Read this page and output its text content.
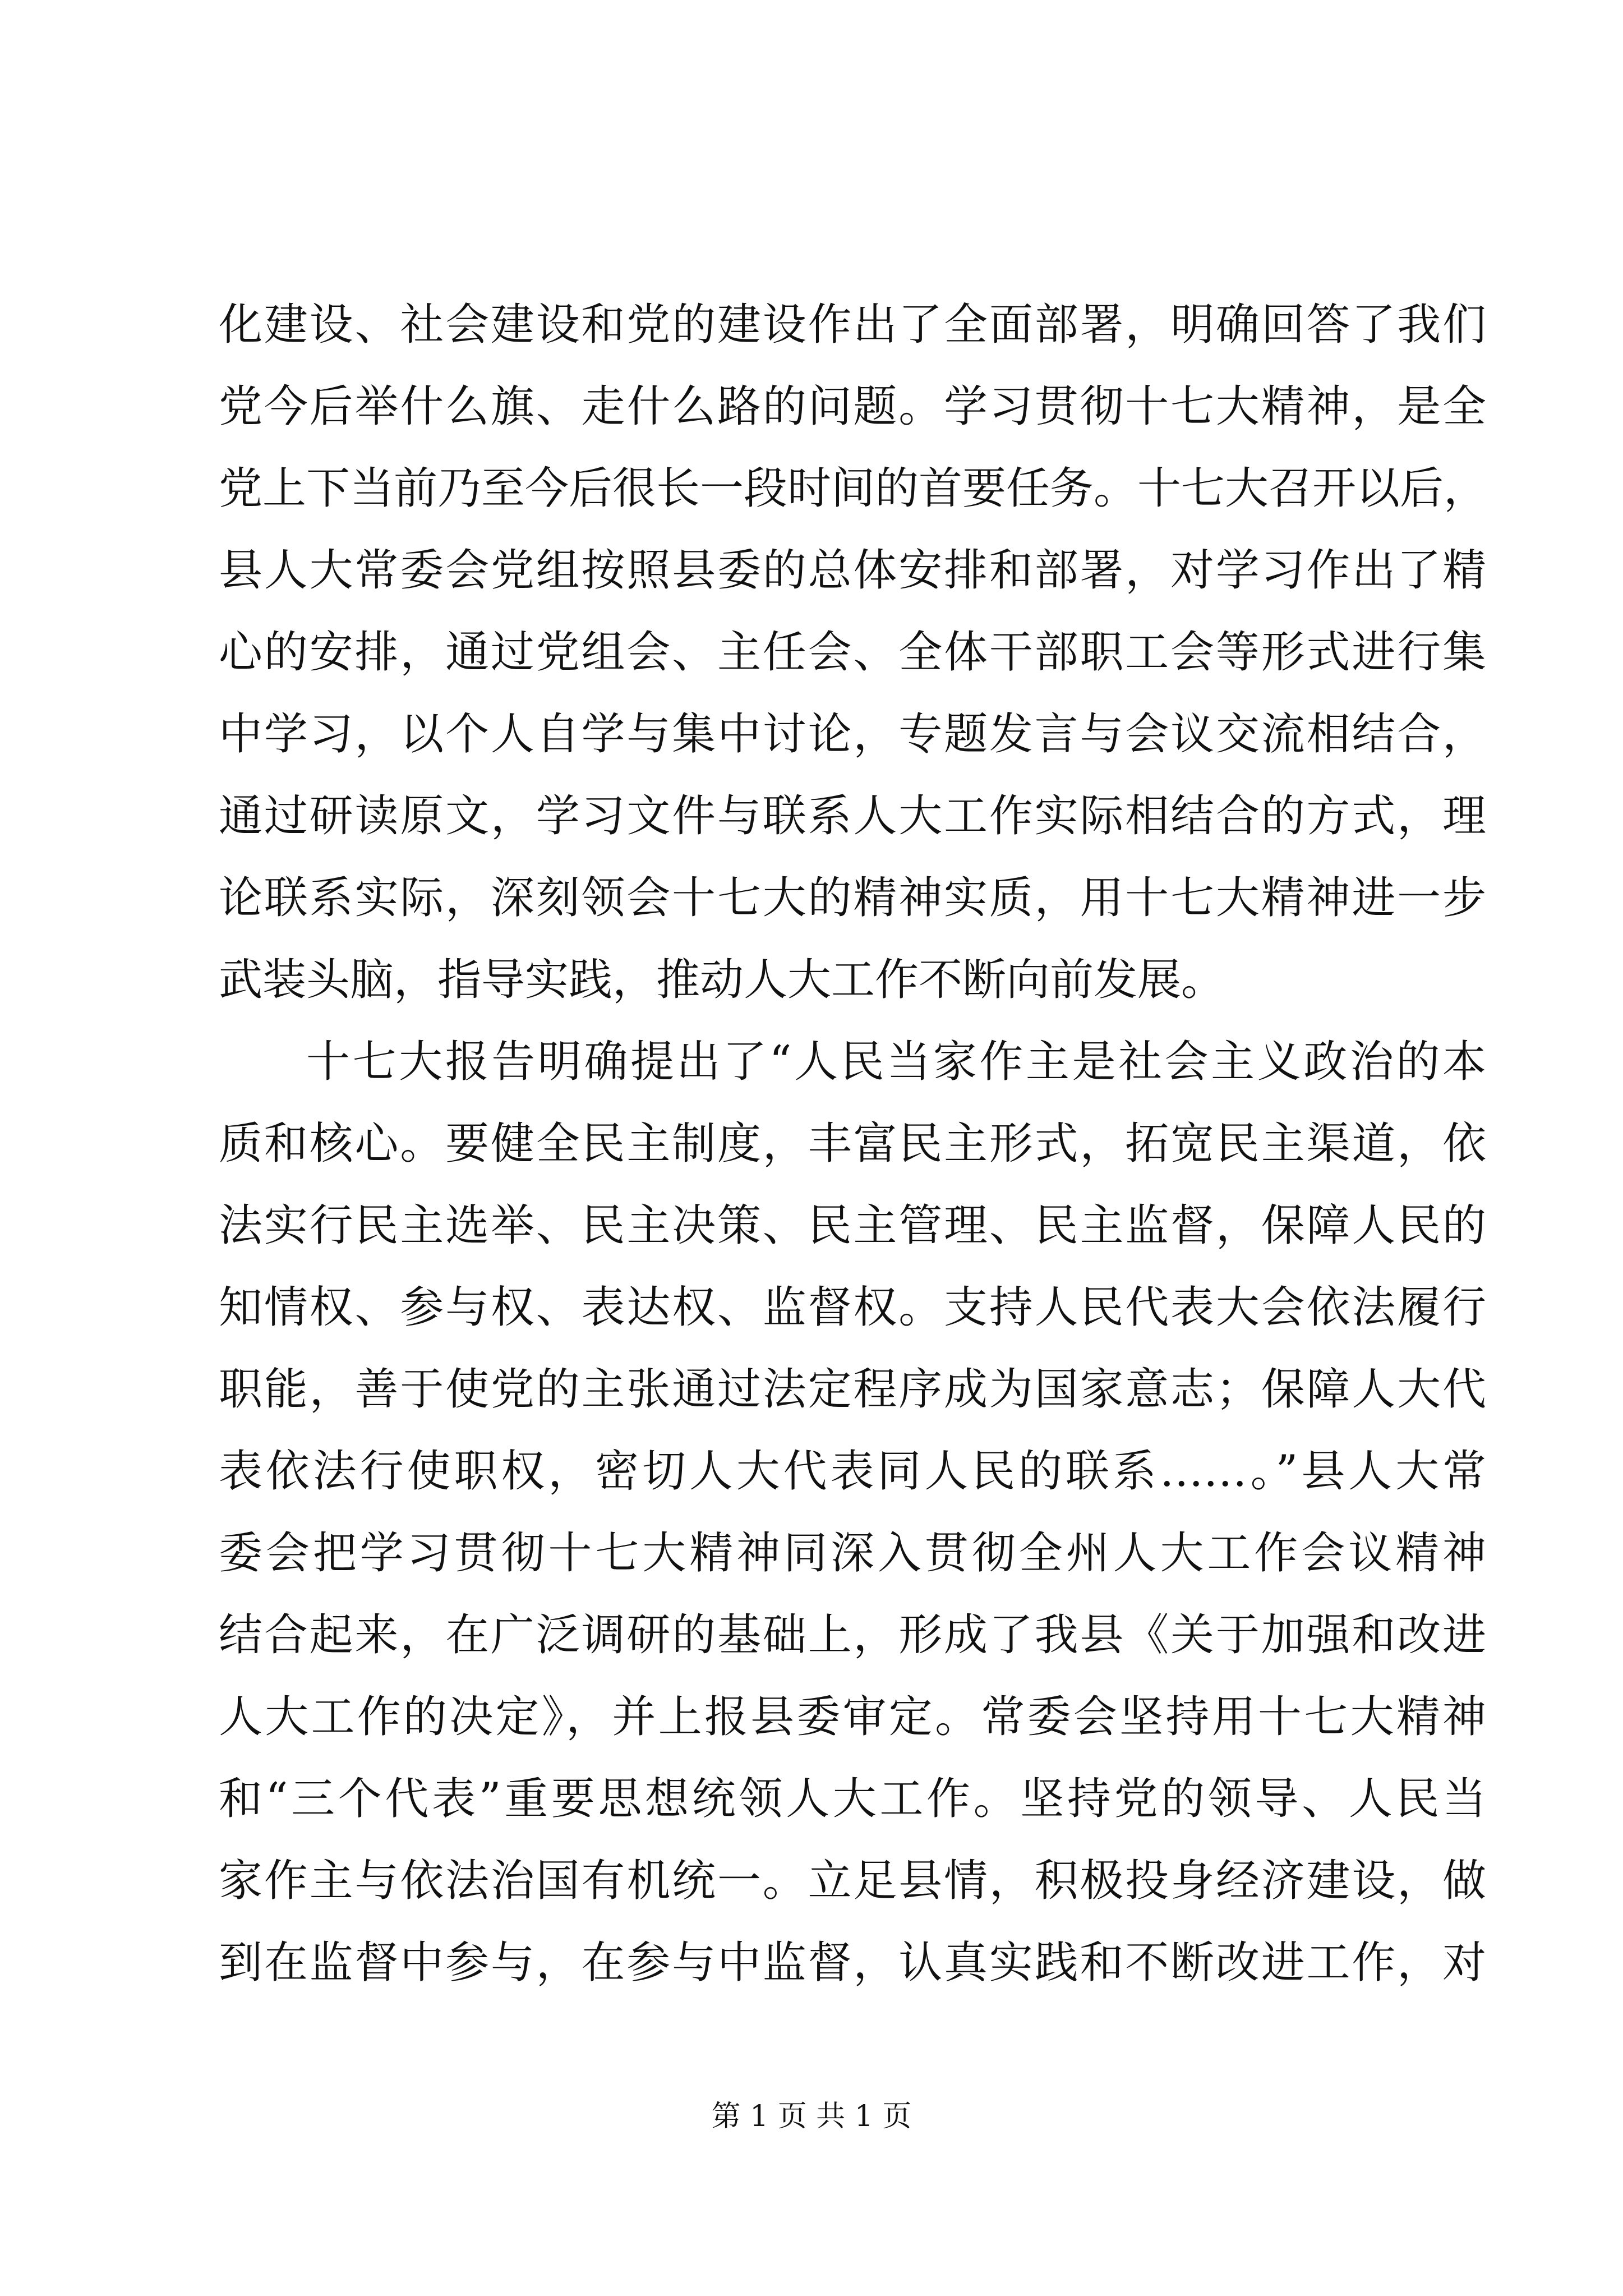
化建设、社会建设和党的建设作出了全面部署，明确回答了我们
党今后举什么旗、走什么路的问题。学习贯彻十七大精神，是全
党上下当前乃至今后很长一段时间的首要任务。十七大召开以后，
县人大常委会党组按照县委的总体安排和部署，对学习作出了精
心的安排，通过党组会、主任会、全体干部职工会等形式进行集
中学习，以个人自学与集中讨论，专题发言与会议交流相结合，
通过研读原文，学习文件与联系人大工作实际相结合的方式，理
论联系实际，深刻领会十七大的精神实质，用十七大精神进一步
武装头脑，指导实践，推动人大工作不断向前发展。
十七大报告明确提出了“人民当家作主是社会主义政治的本
质和核心。要健全民主制度，丰富民主形式，拓宽民主渠道，依
法实行民主选举、民主决策、民主管理、民主监督，保障人民的
知情权、参与权、表达权、监督权。支持人民代表大会依法履行
职能，善于使党的主张通过法定程序成为国家意志；保障人大代
表依法行使职权，密切人大代表同人民的联系……。”县人大常
委会把学习贯彻十七大精神同深入贯彻全州人大工作会议精神
结合起来，在广泛调研的基础上，形成了我县《关于加强和改进
人大工作的决定》，并上报县委审定。常委会坚持用十七大精神
和“三个代表”重要思想统领人大工作。坚持党的领导、人民当
家作主与依法治国有机统一。立足县情，积极投身经济建设，做
到在监督中参与，在参与中监督，认真实践和不断改进工作，对
第 1 页 共 1 页
